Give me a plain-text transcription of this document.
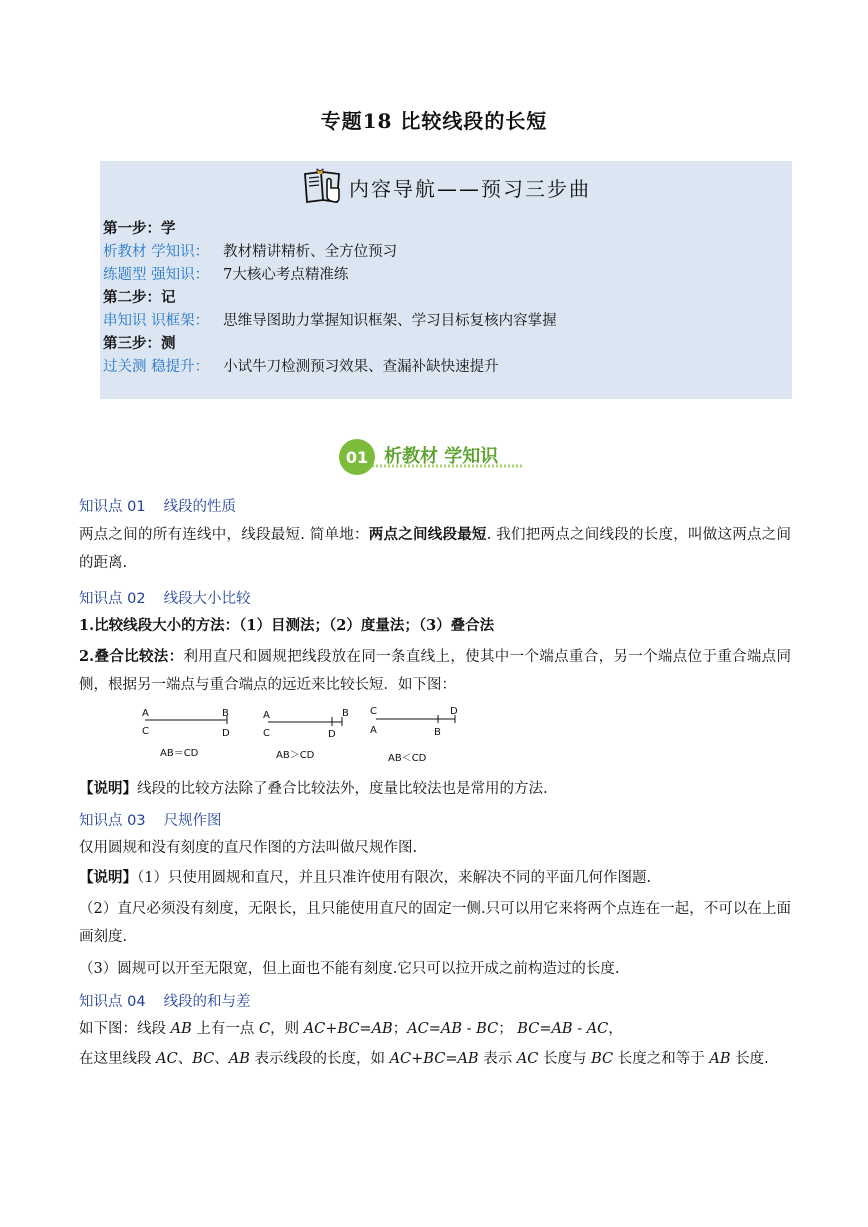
专题18 比较线段的长短
内容导航——预习三步曲
第一步：学
析教材 学知识： 教材精讲精析、全方位预习
练题型 强知识： 7大核心考点精准练
第二步：记
串知识 识框架： 思维导图助力掌握知识框架、学习目标复核内容掌握
第三步：测
过关测 稳提升： 小试牛刀检测预习效果、查漏补缺快速提升
01 析教材 学知识
知识点 01 线段的性质

两点之间的所有连线中，线段最短. 简单地：两点之间线段最短. 我们把两点之间线段的长度，叫做这两点之间的距离.

知识点 02 线段大小比较
1.比较线段大小的方法：（1）目测法；（2）度量法；（3）叠合法

2.叠合比较法：利用直尺和圆规把线段放在同一条直线上，使其中一个端点重合，另一个端点位于重合端点同侧，根据另一端点与重合端点的远近来比较长短．如下图：

A	B
C	D
AB＝CD
A	B
C	D
AB＞CD
C	D
A	B
AB＜CD

【说明】线段的比较方法除了叠合比较法外，度量比较法也是常用的方法.

知识点 03 尺规作图
仅用圆规和没有刻度的直尺作图的方法叫做尺规作图.

【说明】（1）只使用圆规和直尺，并且只准许使用有限次，来解决不同的平面几何作图题.

（2）直尺必须没有刻度，无限长，且只能使用直尺的固定一侧.只可以用它来将两个点连在一起，不可以在上面画刻度.
（3）圆规可以开至无限宽，但上面也不能有刻度.它只可以拉开成之前构造过的长度.
知识点 04 线段的和与差

如下图：线段 AB 上有一点 C，则 AC+BC=AB；AC=AB - BC； BC=AB - AC，

在这里线段 AC、BC、AB 表示线段的长度，如 AC+BC=AB 表示 AC 长度与 BC 长度之和等于 AB 长度.
